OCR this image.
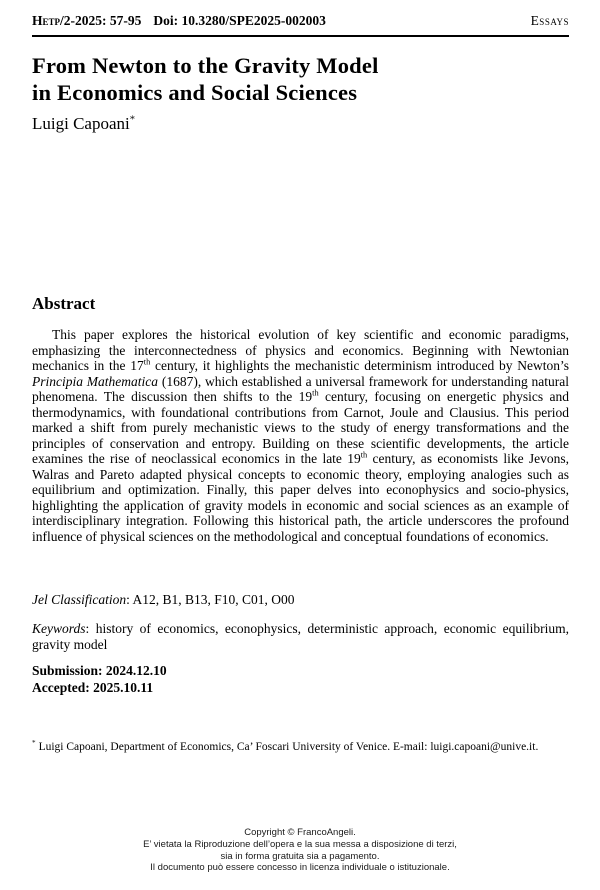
Hetp/2-2025: 57-95 Doi: 10.3280/SPE2025-002003	Essays
From Newton to the Gravity Model
in Economics and Social Sciences
Luigi Capoani*
Abstract

This paper explores the historical evolution of key scientific and economic paradigms, emphasizing the interconnectedness of physics and economics. Beginning with Newtonian mechanics in the 17th century, it highlights the mechanistic determinism introduced by Newton’s Principia Mathematica (1687), which established a universal framework for understanding natural phenomena. The discussion then shifts to the 19th century, focusing on energetic physics and thermodynamics, with foundational contributions from Carnot, Joule and Clausius. This period marked a shift from purely mechanistic views to the study of energy transformations and the principles of conservation and entropy. Building on these scientific developments, the article examines the rise of neoclassical economics in the late 19th century, as economists like Jevons, Walras and Pareto adapted physical concepts to economic theory, employing analogies such as equilibrium and optimization. Finally, this paper delves into econophysics and socio-physics, highlighting the application of gravity models in economic and social sciences as an example of interdisciplinary integration. Following this historical path, the article underscores the profound influence of physical sciences on the methodological and conceptual foundations of economics.

Jel Classification: A12, B1, B13, F10, C01, O00
Keywords: history of economics, econophysics, deterministic approach, economic equilibrium, gravity model
Submission: 2024.12.10
Accepted: 2025.10.11
* Luigi Capoani, Department of Economics, Ca’ Foscari University of Venice. E-mail: luigi.capoani@unive.it.
Copyright © FrancoAngeli.
E’ vietata la Riproduzione dell’opera e la sua messa a disposizione di terzi,
sia in forma gratuita sia a pagamento.
Il documento può essere concesso in licenza individuale o istituzionale.
